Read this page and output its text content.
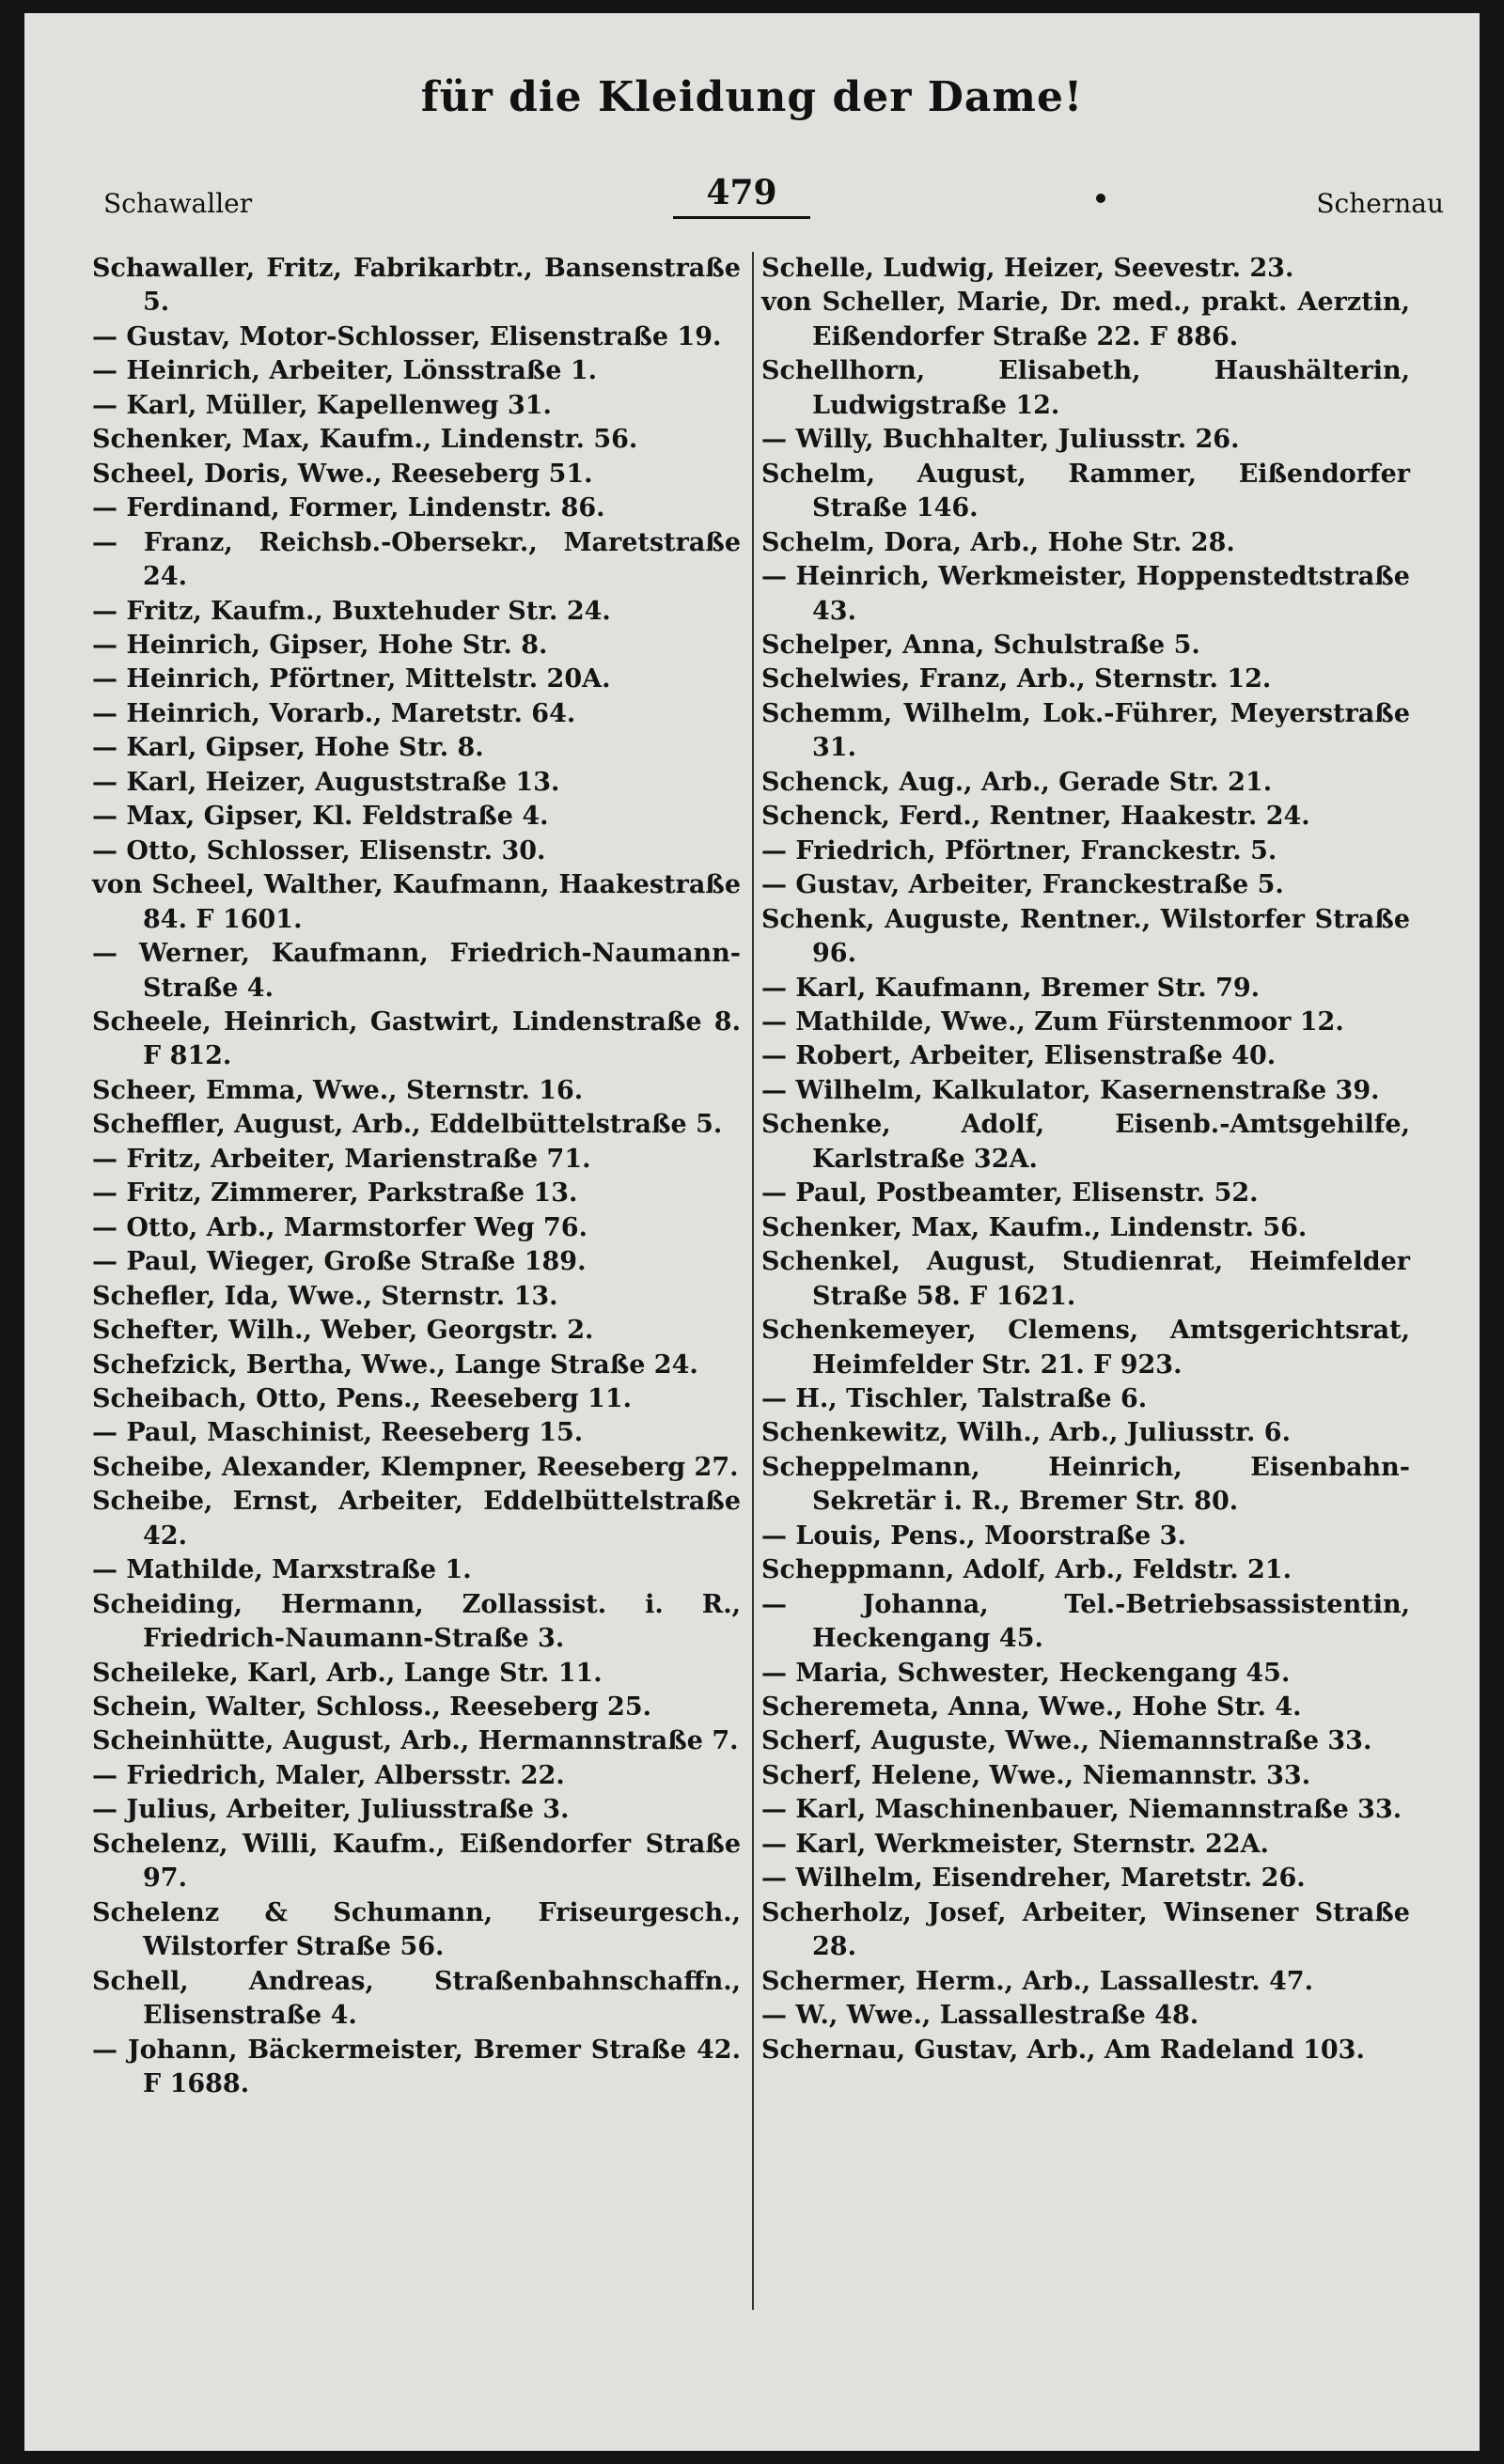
für die Kleidung der Dame!
Schawaller	479	Schernau
Schawaller, Fritz, Fabrikarbtr., Bansenstraße 5.
— Gustav, Motor-Schlosser, Elisenstraße 19.
— Heinrich, Arbeiter, Lönsstraße 1.
— Karl, Müller, Kapellenweg 31.
Schenker, Max, Kaufm., Lindenstr. 56.
Scheel, Doris, Wwe., Reeseberg 51.
— Ferdinand, Former, Lindenstr. 86.
— Franz, Reichsb.-Obersekr., Maretstraße 24.
— Fritz, Kaufm., Buxtehuder Str. 24.
— Heinrich, Gipser, Hohe Str. 8.
— Heinrich, Pförtner, Mittelstr. 20A.
— Heinrich, Vorarb., Maretstr. 64.
— Karl, Gipser, Hohe Str. 8.
— Karl, Heizer, Auguststraße 13.
— Max, Gipser, Kl. Feldstraße 4.
— Otto, Schlosser, Elisenstr. 30.
von Scheel, Walther, Kaufmann, Haakestraße 84. F 1601.
— Werner, Kaufmann, Friedrich-Naumann-Straße 4.
Scheele, Heinrich, Gastwirt, Lindenstraße 8. F 812.
Scheer, Emma, Wwe., Sternstr. 16.
Scheffler, August, Arb., Eddelbüttelstraße 5.
— Fritz, Arbeiter, Marienstraße 71.
— Fritz, Zimmerer, Parkstraße 13.
— Otto, Arb., Marmstorfer Weg 76.
— Paul, Wieger, Große Straße 189.
Schefler, Ida, Wwe., Sternstr. 13.
Schefter, Wilh., Weber, Georgstr. 2.
Schefzick, Bertha, Wwe., Lange Straße 24.
Scheibach, Otto, Pens., Reeseberg 11.
— Paul, Maschinist, Reeseberg 15.
Scheibe, Alexander, Klempner, Reeseberg 27.
Scheibe, Ernst, Arbeiter, Eddelbüttelstraße 42.
— Mathilde, Marxstraße 1.
Scheiding, Hermann, Zollassist. i. R., Friedrich-Naumann-Straße 3.
Scheileke, Karl, Arb., Lange Str. 11.
Schein, Walter, Schloss., Reeseberg 25.
Scheinhütte, August, Arb., Hermannstraße 7.
— Friedrich, Maler, Albersstr. 22.
— Julius, Arbeiter, Juliusstraße 3.
Schelenz, Willi, Kaufm., Eißendorfer Straße 97.
Schelenz & Schumann, Friseurgesch., Wilstorfer Straße 56.
Schell, Andreas, Straßenbahnschaffn., Elisenstraße 4.
— Johann, Bäckermeister, Bremer Straße 42. F 1688.
Schelle, Ludwig, Heizer, Seevestr. 23.
von Scheller, Marie, Dr. med., prakt. Aerztin, Eißendorfer Straße 22. F 886.
Schellhorn, Elisabeth, Haushälterin, Ludwigstraße 12.
— Willy, Buchhalter, Juliusstr. 26.
Schelm, August, Rammer, Eißendorfer Straße 146.
Schelm, Dora, Arb., Hohe Str. 28.
— Heinrich, Werkmeister, Hoppenstedtstraße 43.
Schelper, Anna, Schulstraße 5.
Schelwies, Franz, Arb., Sternstr. 12.
Schemm, Wilhelm, Lok.-Führer, Meyerstraße 31.
Schenck, Aug., Arb., Gerade Str. 21.
Schenck, Ferd., Rentner, Haakestr. 24.
— Friedrich, Pförtner, Franckestr. 5.
— Gustav, Arbeiter, Franckestraße 5.
Schenk, Auguste, Rentner., Wilstorfer Straße 96.
— Karl, Kaufmann, Bremer Str. 79.
— Mathilde, Wwe., Zum Fürstenmoor 12.
— Robert, Arbeiter, Elisenstraße 40.
— Wilhelm, Kalkulator, Kasernenstraße 39.
Schenke, Adolf, Eisenb.-Amtsgehilfe, Karlstraße 32A.
— Paul, Postbeamter, Elisenstr. 52.
Schenker, Max, Kaufm., Lindenstr. 56.
Schenkel, August, Studienrat, Heimfelder Straße 58. F 1621.
Schenkemeyer, Clemens, Amtsgerichtsrat, Heimfelder Str. 21. F 923.
— H., Tischler, Talstraße 6.
Schenkewitz, Wilh., Arb., Juliusstr. 6.
Scheppelmann, Heinrich, Eisenbahn-Sekretär i. R., Bremer Str. 80.
— Louis, Pens., Moorstraße 3.
Scheppmann, Adolf, Arb., Feldstr. 21.
— Johanna, Tel.-Betriebsassistentin, Heckengang 45.
— Maria, Schwester, Heckengang 45.
Scheremeta, Anna, Wwe., Hohe Str. 4.
Scherf, Auguste, Wwe., Niemannstraße 33.
Scherf, Helene, Wwe., Niemannstr. 33.
— Karl, Maschinenbauer, Niemannstraße 33.
— Karl, Werkmeister, Sternstr. 22A.
— Wilhelm, Eisendreher, Maretstr. 26.
Scherholz, Josef, Arbeiter, Winsener Straße 28.
Schermer, Herm., Arb., Lassallestr. 47.
— W., Wwe., Lassallestraße 48.
Schernau, Gustav, Arb., Am Radeland 103.
